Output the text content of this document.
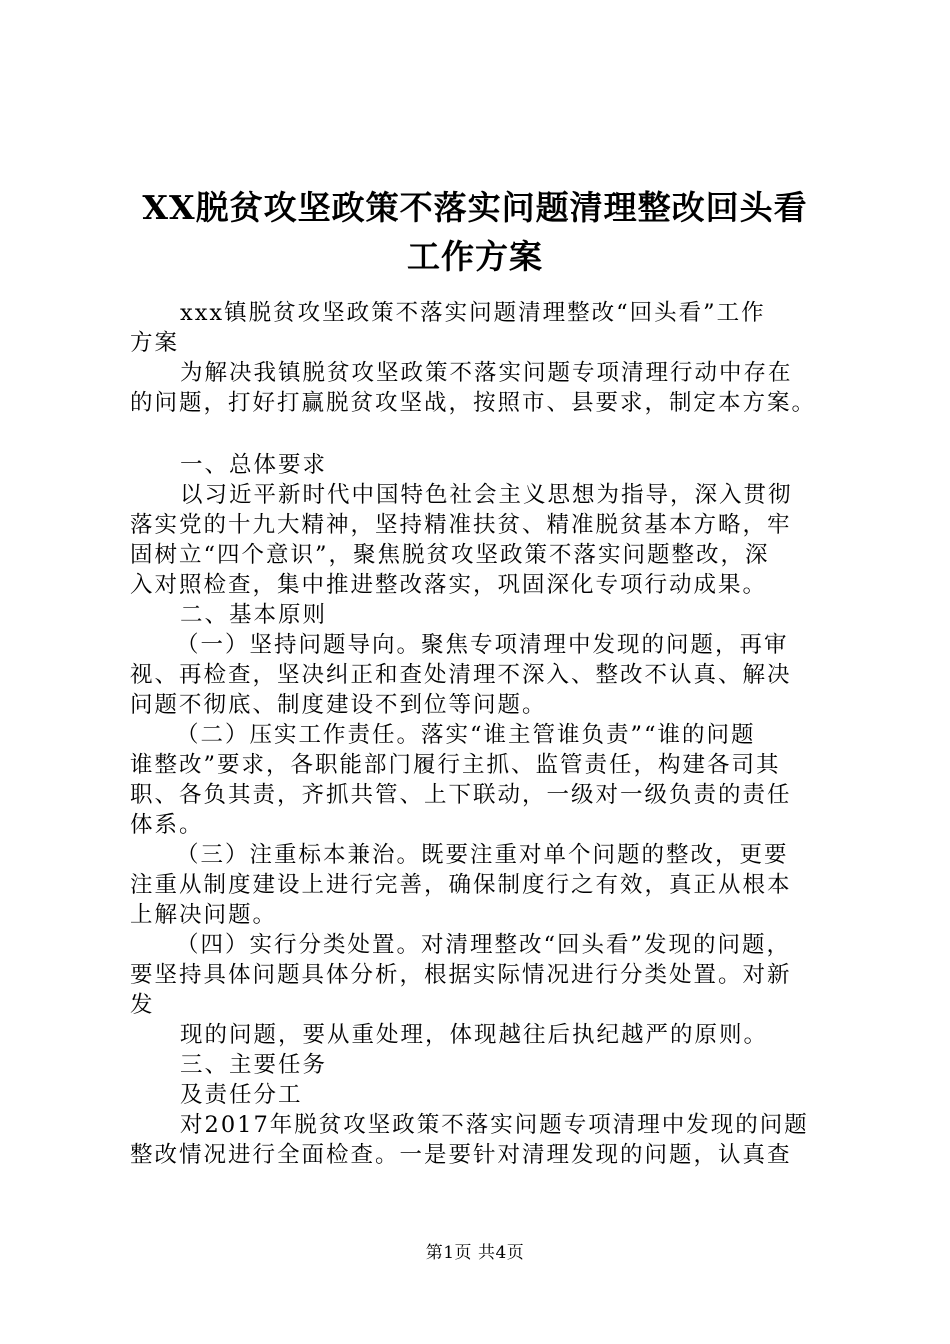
XX脱贫攻坚政策不落实问题清理整改回头看
工作方案
xxx镇脱贫攻坚政策不落实问题清理整改“回头看”工作
方案
为解决我镇脱贫攻坚政策不落实问题专项清理行动中存在
的问题，打好打赢脱贫攻坚战，按照市、县要求，制定本方案。
一、总体要求
以习近平新时代中国特色社会主义思想为指导，深入贯彻
落实党的十九大精神，坚持精准扶贫、精准脱贫基本方略，牢
固树立“四个意识”，聚焦脱贫攻坚政策不落实问题整改，深
入对照检查，集中推进整改落实，巩固深化专项行动成果。
二、基本原则
（一）坚持问题导向。聚焦专项清理中发现的问题，再审
视、再检查，坚决纠正和查处清理不深入、整改不认真、解决
问题不彻底、制度建设不到位等问题。
（二）压实工作责任。落实“谁主管谁负责”“谁的问题
谁整改”要求，各职能部门履行主抓、监管责任，构建各司其
职、各负其责，齐抓共管、上下联动，一级对一级负责的责任
体系。
（三）注重标本兼治。既要注重对单个问题的整改，更要
注重从制度建设上进行完善，确保制度行之有效，真正从根本
上解决问题。
（四）实行分类处置。对清理整改“回头看”发现的问题，
要坚持具体问题具体分析，根据实际情况进行分类处置。对新
发
现的问题，要从重处理，体现越往后执纪越严的原则。
三、主要任务
及责任分工
对2017年脱贫攻坚政策不落实问题专项清理中发现的问题
整改情况进行全面检查。一是要针对清理发现的问题，认真查
第1页 共4页
